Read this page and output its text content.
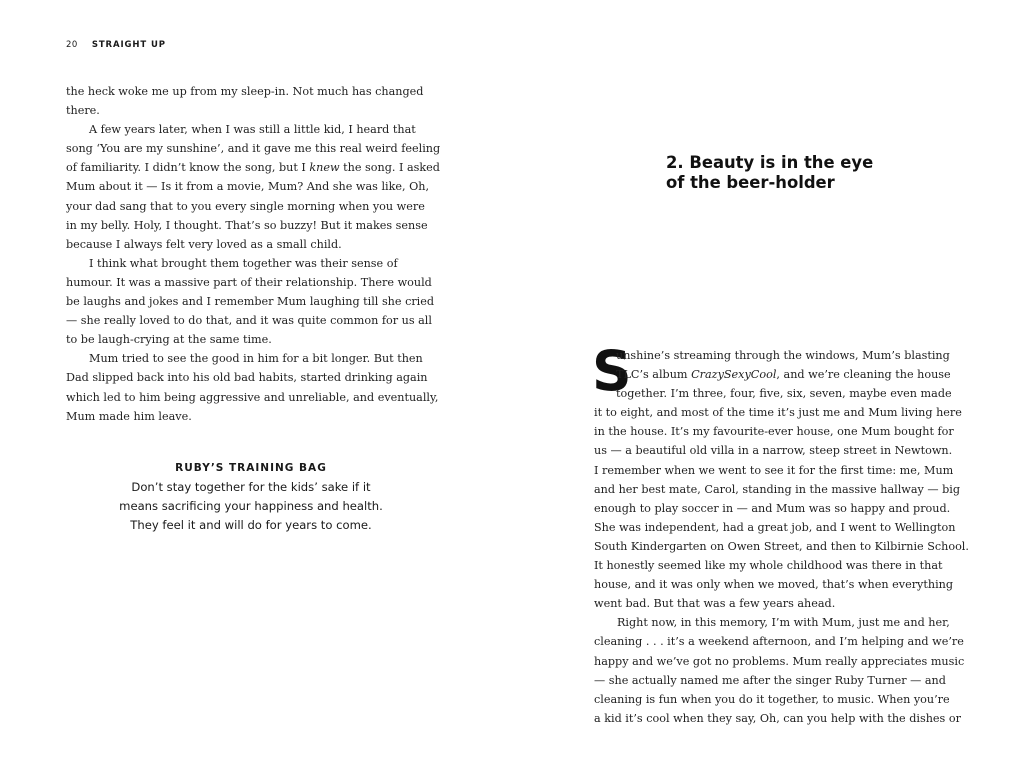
20 STRAIGHT UP
the heck woke me up from my sleep-in. Not much has changed
there.
A few years later, when I was still a little kid, I heard that
song ‘You are my sunshine’, and it gave me this real weird feeling
of familiarity. I didn’t know the song, but I knew the song. I asked
Mum about it — Is it from a movie, Mum? And she was like, Oh,
your dad sang that to you every single morning when you were
in my belly. Holy, I thought. That’s so buzzy! But it makes sense
because I always felt very loved as a small child.
I think what brought them together was their sense of
humour. It was a massive part of their relationship. There would
be laughs and jokes and I remember Mum laughing till she cried
— she really loved to do that, and it was quite common for us all
to be laugh-crying at the same time.
Mum tried to see the good in him for a bit longer. But then
Dad slipped back into his old bad habits, started drinking again
which led to him being aggressive and unreliable, and eventually,
Mum made him leave.
RUBY’S TRAINING BAG
Don’t stay together for the kids’ sake if it
means sacrificing your happiness and health.
They feel it and will do for years to come.
2. Beauty is in the eye
of the beer-holder
S
unshine’s streaming through the windows, Mum’s blasting
TLC’s album CrazySexyCool, and we’re cleaning the house
together. I’m three, four, five, six, seven, maybe even made
it to eight, and most of the time it’s just me and Mum living here
in the house. It’s my favourite-ever house, one Mum bought for
us — a beautiful old villa in a narrow, steep street in Newtown.
I remember when we went to see it for the first time: me, Mum
and her best mate, Carol, standing in the massive hallway — big
enough to play soccer in — and Mum was so happy and proud.
She was independent, had a great job, and I went to Wellington
South Kindergarten on Owen Street, and then to Kilbirnie School.
It honestly seemed like my whole childhood was there in that
house, and it was only when we moved, that’s when everything
went bad. But that was a few years ahead.
Right now, in this memory, I’m with Mum, just me and her,
cleaning . . . it’s a weekend afternoon, and I’m helping and we’re
happy and we’ve got no problems. Mum really appreciates music
— she actually named me after the singer Ruby Turner — and
cleaning is fun when you do it together, to music. When you’re
a kid it’s cool when they say, Oh, can you help with the dishes or
